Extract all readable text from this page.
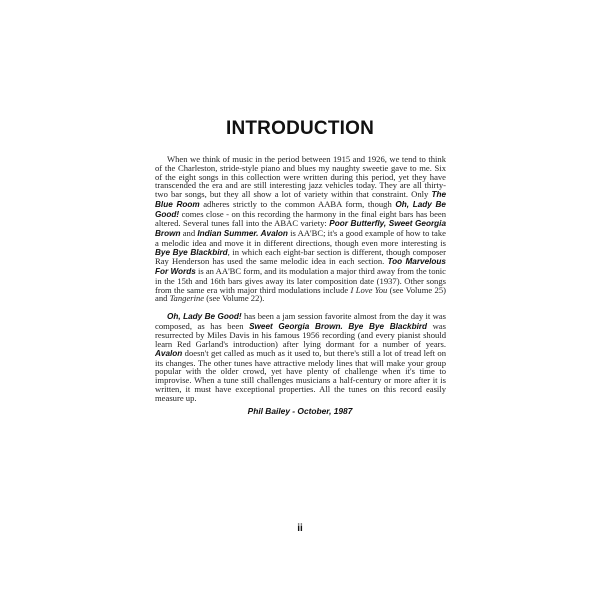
INTRODUCTION

When we think of music in the period between 1915 and 1926, we tend to think of the Charleston, stride-style piano and blues my naughty sweetie gave to me. Six of the eight songs in this collection were written during this period, yet they have transcended the era and are still interesting jazz vehicles today. They are all thirty-two bar songs, but they all show a lot of variety within that constraint. Only The Blue Room adheres strictly to the common AABA form, though Oh, Lady Be Good! comes close - on this recording the harmony in the final eight bars has been altered. Several tunes fall into the ABAC variety: Poor Butterfly, Sweet Georgia Brown and Indian Summer. Avalon is AA'BC; it's a good example of how to take a melodic idea and move it in different directions, though even more interesting is Bye Bye Blackbird, in which each eight-bar section is different, though composer Ray Henderson has used the same melodic idea in each section. Too Marvelous For Words is an AA'BC form, and its modulation a major third away from the tonic in the 15th and 16th bars gives away its later composition date (1937). Other songs from the same era with major third modulations include I Love You (see Volume 25) and Tangerine (see Volume 22).

Oh, Lady Be Good! has been a jam session favorite almost from the day it was composed, as has been Sweet Georgia Brown. Bye Bye Blackbird was resurrected by Miles Davis in his famous 1956 recording (and every pianist should learn Red Garland's introduction) after lying dormant for a number of years. Avalon doesn't get called as much as it used to, but there's still a lot of tread left on its changes. The other tunes have attractive melody lines that will make your group popular with the older crowd, yet have plenty of challenge when it's time to improvise. When a tune still challenges musicians a half-century or more after it is written, it must have exceptional properties. All the tunes on this record easily measure up.

Phil Bailey - October, 1987
ii
